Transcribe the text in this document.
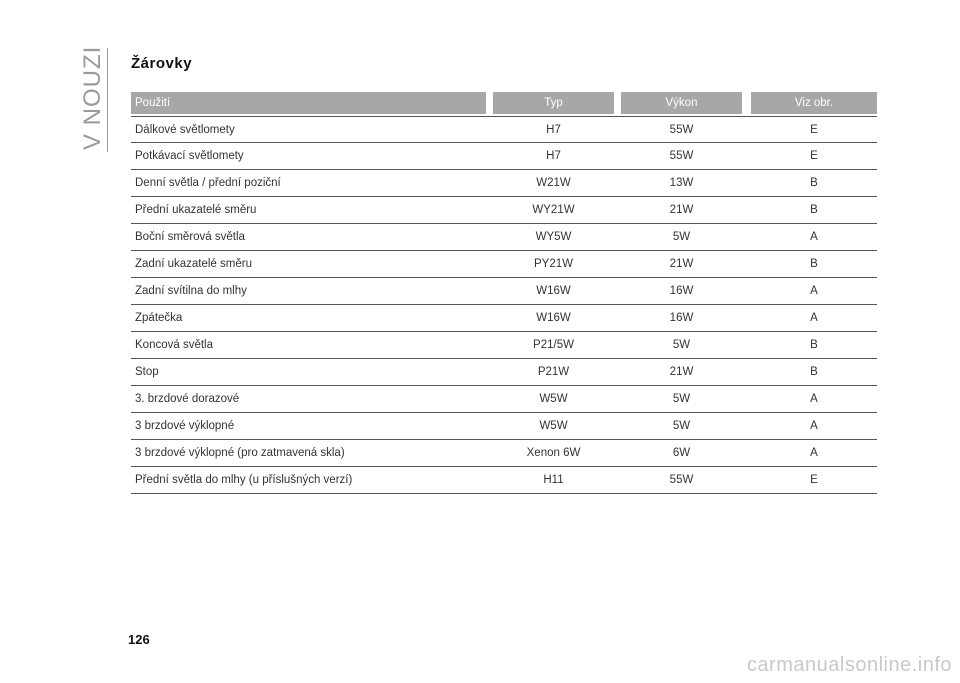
V NOUZI Žárovky
Použití	Typ	Výkon	Viz obr.
Dálkové světlomety	H7	55W	E
Potkávací světlomety	H7	55W	E
Denní světla / přední poziční	W21W	13W	B
Přední ukazatelé směru	WY21W	21W	B
Boční směrová světla	WY5W	5W	A
Zadní ukazatelé směru	PY21W	21W	B
Zadní svítilna do mlhy	W16W	16W	A
Zpátečka	W16W	16W	A
Koncová světla	P21/5W	5W	B
Stop	P21W	21W	B
3. brzdové dorazové	W5W	5W	A
3 brzdové výklopné	W5W	5W	A
3 brzdové výklopné (pro zatmavená skla)	Xenon 6W	6W	A
Přední světla do mlhy (u příslušných verzí)	H11	55W	E
126
carmanualsonline.info
